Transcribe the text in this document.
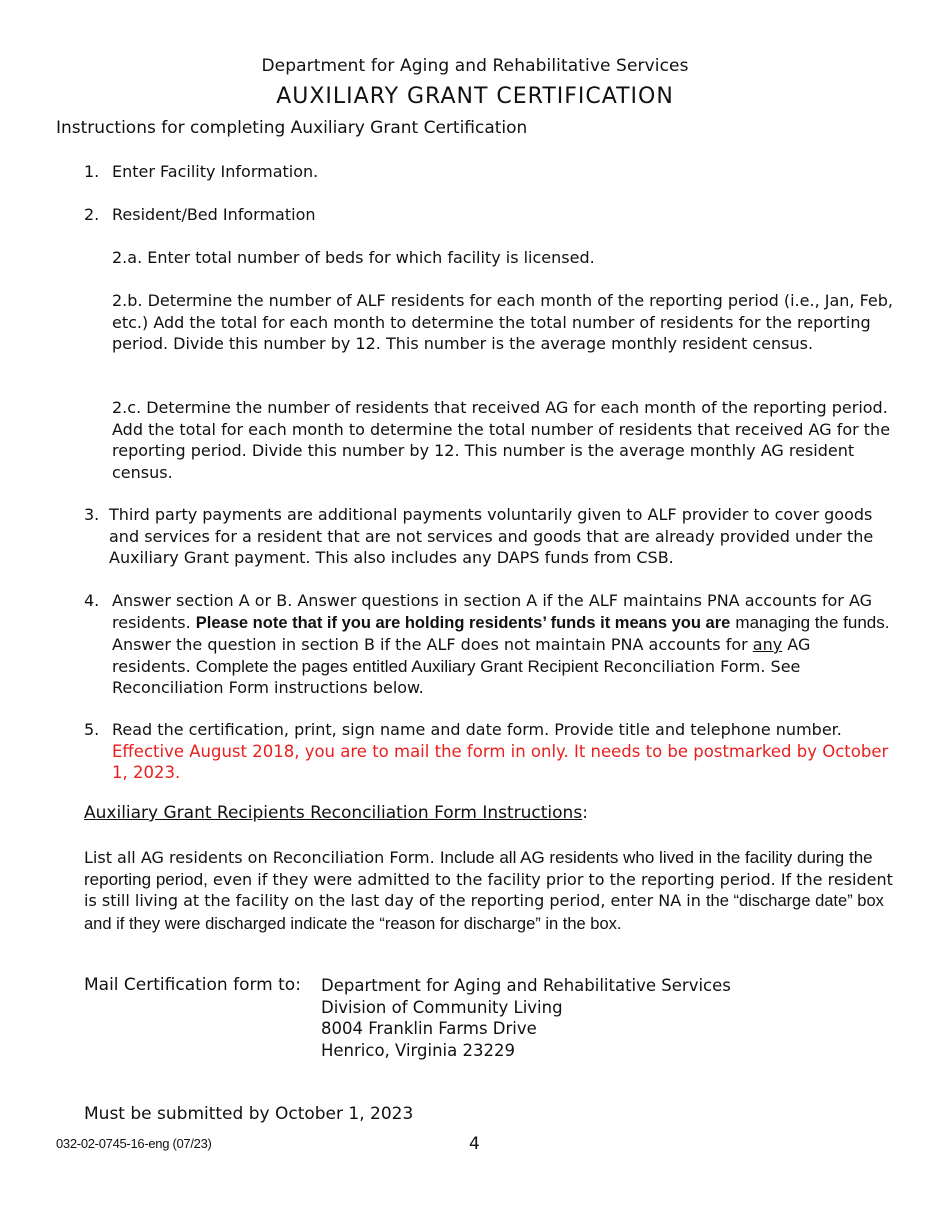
Department for Aging and Rehabilitative Services
AUXILIARY GRANT CERTIFICATION
Instructions for completing Auxiliary Grant Certification
1. Enter Facility Information.
2. Resident/Bed Information
2.a. Enter total number of beds for which facility is licensed.
2.b. Determine the number of ALF residents for each month of the reporting period (i.e., Jan, Feb, etc.) Add the total for each month to determine the total number of residents for the reporting period. Divide this number by 12. This number is the average monthly resident census.
2.c. Determine the number of residents that received AG for each month of the reporting period. Add the total for each month to determine the total number of residents that received AG for the reporting period. Divide this number by 12. This number is the average monthly AG resident census.
3. Third party payments are additional payments voluntarily given to ALF provider to cover goods and services for a resident that are not services and goods that are already provided under the Auxiliary Grant payment. This also includes any DAPS funds from CSB.
4. Answer section A or B. Answer questions in section A if the ALF maintains PNA accounts for AG residents. Please note that if you are holding residents’ funds it means you are managing the funds. Answer the question in section B if the ALF does not maintain PNA accounts for any AG residents. Complete the pages entitled Auxiliary Grant Recipient Reconciliation Form. See Reconciliation Form instructions below.
5. Read the certification, print, sign name and date form. Provide title and telephone number. Effective August 2018, you are to mail the form in only. It needs to be postmarked by October 1, 2023.
Auxiliary Grant Recipients Reconciliation Form Instructions:
List all AG residents on Reconciliation Form. Include all AG residents who lived in the facility during the reporting period, even if they were admitted to the facility prior to the reporting period. If the resident is still living at the facility on the last day of the reporting period, enter NA in the “discharge date” box and if they were discharged indicate the “reason for discharge” in the box.
Mail Certification form to: Department for Aging and Rehabilitative Services
Division of Community Living
8004 Franklin Farms Drive
Henrico, Virginia 23229
Must be submitted by October 1, 2023
032-02-0745-16-eng (07/23)	4
